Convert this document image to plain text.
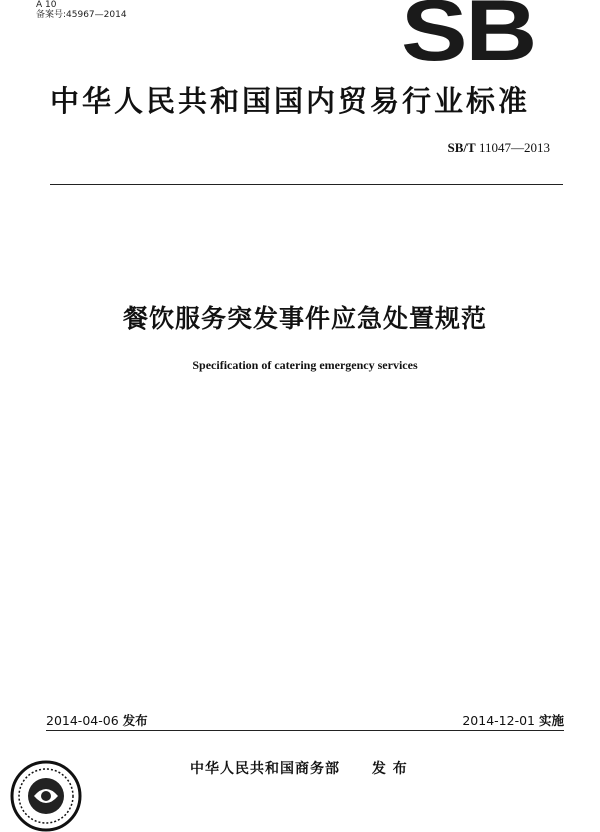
A 10
备案号:45967—2014	SB
中华人民共和国国内贸易行业标准
SB/T 11047—2013
餐饮服务突发事件应急处置规范
Specification of catering emergency services
2014-04-06 发布	2014-12-01 实施
中华人民共和国商务部 发 布
